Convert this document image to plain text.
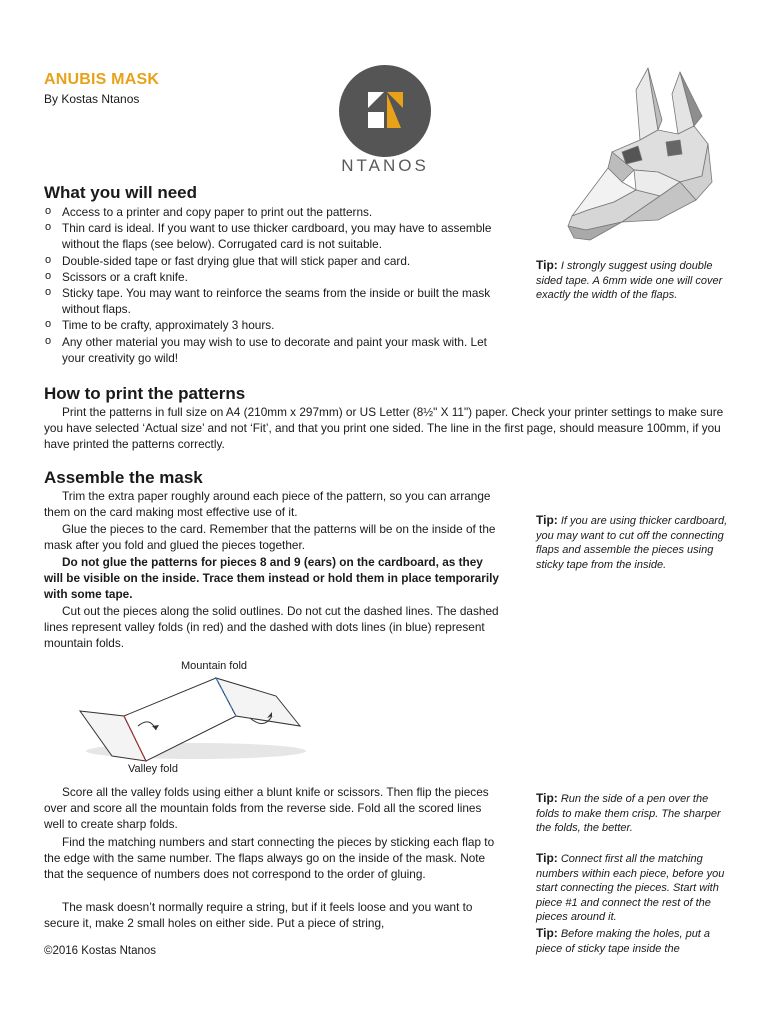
ANUBIS MASK
By Kostas Ntanos
NTANOS
What you will need
o Access to a printer and copy paper to print out the patterns.
o Thin card is ideal. If you want to use thicker cardboard, you may have to assemble without the flaps (see below). Corrugated card is not suitable.
o Double-sided tape or fast drying glue that will stick paper and card.
o Scissors or a craft knife.
o Sticky tape. You may want to reinforce the seams from the inside or built the mask without flaps.
o Time to be crafty, approximately 3 hours.
o Any other material you may wish to use to decorate and paint your mask with. Let your creativity go wild!
Tip: I strongly suggest using double sided tape. A 6mm wide one will cover exactly the width of the flaps.
How to print the patterns

Print the patterns in full size on A4 (210mm x 297mm) or US Letter (8½" X 11") paper. Check your printer settings to make sure you have selected ‘Actual size’ and not ‘Fit’, and that you print one sided. The line in the first page, should measure 100mm, if you have printed the patterns correctly.

Assemble the mask

Trim the extra paper roughly around each piece of the pattern, so you can arrange them on the card making most effective use of it.

Glue the pieces to the card. Remember that the patterns will be on the inside of the mask after you fold and glued the pieces together.

Do not glue the patterns for pieces 8 and 9 (ears) on the cardboard, as they will be visible on the inside. Trace them instead or hold them in place temporarily with some tape.

Cut out the pieces along the solid outlines. Do not cut the dashed lines. The dashed lines represent valley folds (in red) and the dashed with dots lines (in blue) represent mountain folds.

Tip: If you are using thicker cardboard, you may want to cut off the connecting flaps and assemble the pieces using sticky tape from the inside.
Mountain fold
Valley fold

Score all the valley folds using either a blunt knife or scissors. Then flip the pieces over and score all the mountain folds from the reverse side. Fold all the scored lines well to create sharp folds.

Find the matching numbers and start connecting the pieces by sticking each flap to the edge with the same number. The flaps always go on the inside of the mask. Note that the sequence of numbers does not correspond to the order of gluing.

The mask doesn’t normally require a string, but if it feels loose and you want to secure it, make 2 small holes on either side. Put a piece of string,

Tip: Run the side of a pen over the folds to make them crisp. The sharper the folds, the better.
Tip: Connect first all the matching numbers within each piece, before you start connecting the pieces. Start with piece #1 and connect the rest of the pieces around it.
Tip: Before making the holes, put a piece of sticky tape inside the
©2016 Kostas Ntanos
